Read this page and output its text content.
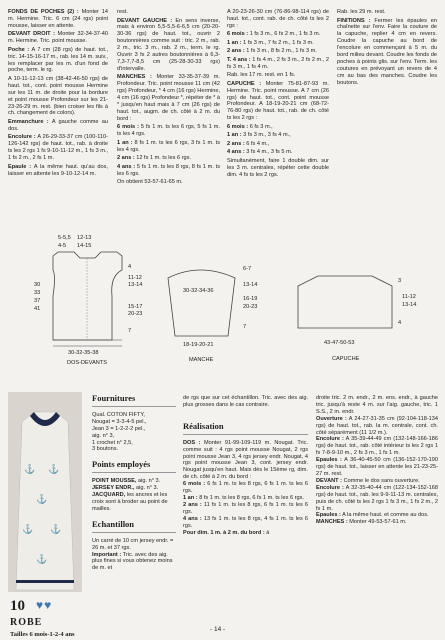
FONDS DE POCHES (2) : Monter 14 m. Hermine. Tric. 6 cm (24 rgs) point mousse, laisser en attente.

DEVANT DROIT : Monter 32-34-37-40 m. Hermine. Tric. point mousse.

Poche : A 7 cm (28 rgs) de haut. tot., tric. 14-15-16-17 m., rab. les 14 m. suiv., les remplacer par les m. d'un fond de poche, term. le rg.

A 10-11-12-13 cm (38-42-46-50 rgs) de haut. tot., cont. point mousse Hermine sur les 11 m. de droite pour la bordure et point mousse Profondeur sur les 21-23-26-29 m. rest. (bien croiser les fils à ch. changement de colors).

Emmanchure : A gauche comme au dos.

Encolure : A 26-29-33-37 cm (100-110-126-142 rgs) de haut. tot., rab. à droite ts les 2 rgs 1 fs 9-10-11-12 m., 1 fs 3 m., 1 fs 2 m., 2 fs 1 m.

Epaule : A la même haut. qu'au dos, laisser en attente les 9-10-12-14 m.

rest.

DEVANT GAUCHE : En sens inverse, mais à environ 5,5-5,5-6-6,5 cm (20-20-30-36 rgs) de haut. tot., ouvrir 2 boutonnières comme suit : tric. 2 m., rab. 2 m., tric. 3 m., rab. 2 m., term. le rg. Ouvrir 3 fs 2 autres boutonnières à 6,3-7,3-7,7-8,5 cm (25-28-30-33 rgs) d'intervalle.

MANCHES : Monter 33-35-37-39 m. Profondeur. Tric. point mousse 11 cm (42 rgs) Profondeur, * 4 cm (16 rgs) Hermine, 4 cm (16 rgs) Profondeur *, répéter de * à * jusqu'en haut mais à 7 cm (26 rgs) de haut. tot., augm. de ch. côté à 2 m. du bord :

6 mois : 5 fs 1 m. ts les 6 rgs, 5 fs 1 m. ts les 4 rgs.

1 an : 8 fs 1 m. ts les 6 rgs, 3 fs 1 m. ts les 4 rgs.

2 ans : 12 fs 1 m. ts les 6 rgs.

4 ans : 5 fs 1 m. ts les 8 rgs, 8 fs 1 m. ts les 6 rgs.

On obtient 53-57-61-65 m.

A 20-23-26-30 cm (76-86-98-114 rgs) de haut. tot., cont. rab. de ch. côté ts les 2 rgs :

6 mois : 1 fs 3 m., 6 fs 2 m., 1 fs 3 m.

1 an : 1 fs 3 m., 7 fs 2 m., 1 fs 3 m.

2 ans : 1 fs 3 m., 8 fs 2 m., 1 fs 3 m.

T. 4 ans : 1 fs 4 m., 2 fs 3 m., 2 fs 2 m., 2 fs 3 m., 1 fs 4 m.

Rab. les 17 m. rest. en 1 fs.

CAPUCHE : Monter 75-81-87-93 m. Hermine. Tric. point mousse. A 7 cm (26 rgs) de haut. tot., cont. point mousse Profondeur. A 18-19-20-21 cm (68-72-76-80 rgs) de haut. tot., rab. de ch. côté ts les 2 rgs :

6 mois : 6 fs 3 m.,

1 an : 3 fs 3 m., 3 fs 4 m.,

2 ans : 6 fs 4 m.,

4 ans : 3 fs 4 m., 3 fs 5 m.

Simultanément, faire 1 double dim. sur les 3 m. centrales, répéter cette double dim. 4 fs ts les 2 rgs.

Rab. les 29 m. rest.

FINITIONS : Fermer les épaules en chaînette sur l'env. Faire la couture de la capuche, replier 4 cm en revers. Coudre la capuche au bord de l'encolure en commençant à 5 m. du bord milieu devant. Coudre les fonds de poches à points glis. sur l'env. Term. les coutures en prévoyant un revers de 4 cm au bas des manches. Coudre les boutons.

5-5,5 12-13
4-5 14-15
4
11-12
13-14
15-17
20-23
7
30
33
37
41
30-32-35-38
DOS-DEVANTS
30-32-34-36
6-7
13-14
16-19
20-23
7
18-19-20-21
MANCHE
3
11-12
13-14
4
43-47-50-53
CAPUCHE
⚓ ⚓
⚓
⚓ ⚓
⚓
10 ♥♥
ROBE
Tailles 6 mois-1-2-4 ans
Fournitures
Qual. COTON FIFTY,
Nougat = 3-3-4-5 pel.,
Jean 3 = 1-2-2-2 pel.,
aig. n° 3,
1 crochet n° 2,5,
3 boutons.
Points employés
POINT MOUSSE, aig. n° 3.
JERSEY ENDR., aig. n° 3.
JACQUARD, les ancres et les croix sont à broder au point de mailles.
Echantillon
Un carré de 10 cm jersey endr. = 26 m. et 37 rgs.
Important : Tric. avec des aig. plus fines si vous obtenez moins de m. et
de rgs que sur cet échantillon. Tric. avec des aig. plus grosses dans le cas contraire.
Réalisation
DOS : Monter 91-99-109-119 m. Nougat. Tric. comme suit : 4 rgs point mousse Nougat, 2 rgs point mousse Jean 3, 4 rgs jersey endr. Nougat, 4 rgs point mousse Jean 3, cont. jersey endr. Nougat jusqu'en haut. Mais dès le 15ème rg, dim. de ch. côté à 2 m. du bord :
6 mois : 6 fs 1 m. ts les 8 rgs, 6 fs 1 m. ts les 6 rgs.
1 an : 8 fs 1 m. ts les 8 rgs, 6 fs 1 m. ts les 6 rgs.
2 ans : 11 fs 1 m. ts les 8 rgs, 6 fs 1 m. ts les 6 rgs.
4 ans : 13 fs 1 m. ts les 8 rgs, 4 fs 1 m. ts les 6 rgs.
Pour dim. 1 m. à 2 m. du bord : à
droite tric. 2 m. endr., 2 m. ens. endr., à gauche tric. jusqu'à reste 4 m. sur l'aig. gauche, tric. 1 S.S., 2 m. endr.
Ouverture : A 24-27-31-35 cm (92-104-118-134 rgs) de haut. tot., rab. la m. centrale, cont. ch. côté séparément (11 1/2 m.).
Encolure : A 35-39-44-49 cm (132-148-166-186 rgs) de haut. tot., rab. côté intérieur ts les 2 rgs 1 fs 7-8-9-10 m., 2 fs 3 m., 1 fs 1 m.
Epaules : A 36-40-45-50 cm (136-152-170-190 rgs) de haut. tot., laisser en attente les 21-23-25-27 m. rest.
DEVANT : Comme le dos sans ouverture.
Encolure : A 32-35-40-44 cm (122-134-152-168 rgs) de haut. tot., rab. les 9-9-11-13 m. centrales, puis de ch. côté ts les 2 rgs 1 fs 3 m., 1 fs 2 m., 2 fs 1 m.
Epaules : A la même haut. et comme au dos.
MANCHES : Monter 49-53-57-61 m.
- 14 -
